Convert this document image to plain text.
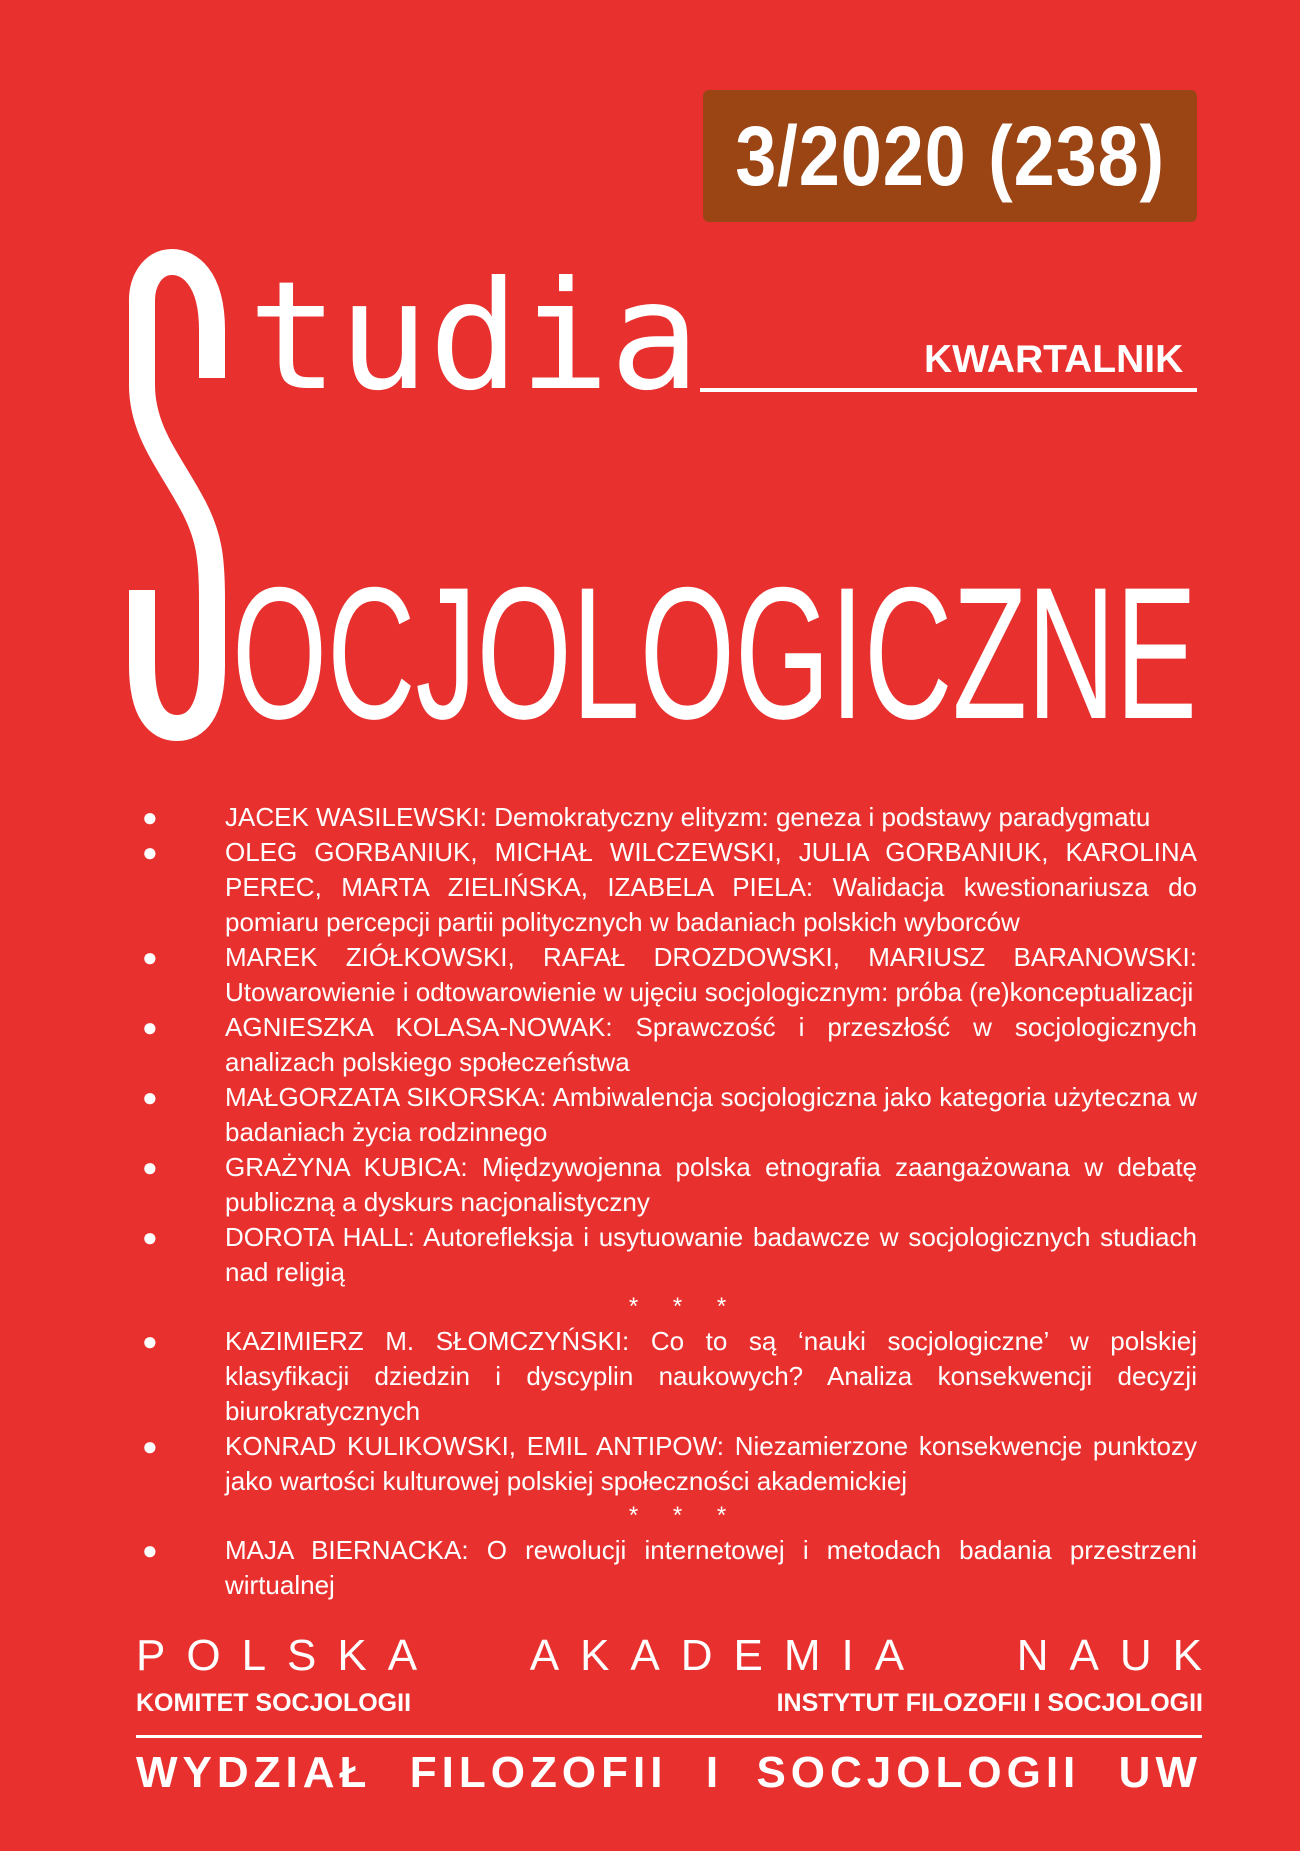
3/2020 (238)
S
tudia
OCJOLOGICZNE
KWARTALNIK
●	JACEK WASILEWSKI: Demokratyczny elityzm: geneza i podstawy paradygmatu
●	OLEG GORBANIUK, MICHAŁ WILCZEWSKI, JULIA GORBANIUK, KAROLINA PEREC, MARTA ZIELIŃSKA, IZABELA PIELA: Walidacja kwestionariusza do pomiaru percepcji partii politycznych w badaniach polskich wyborców
●	MAREK ZIÓŁKOWSKI, RAFAŁ DROZDOWSKI, MARIUSZ BARANOWSKI: Utowarowienie i odtowarowienie w ujęciu socjologicznym: próba (re)konceptualizacji
●	AGNIESZKA KOLASA-NOWAK: Sprawczość i przeszłość w socjologicznych analizach polskiego społeczeństwa
●	MAŁGORZATA SIKORSKA: Ambiwalencja socjologiczna jako kategoria użyteczna w badaniach życia rodzinnego
●	GRAŻYNA KUBICA: Międzywojenna polska etnografia zaangażowana w debatę publiczną a dyskurs nacjonalistyczny
●	DOROTA HALL: Autorefleksja i usytuowanie badawcze w socjologicznych studiach nad religią
* * *
●	KAZIMIERZ M. SŁOMCZYŃSKI: Co to są ‘nauki socjologiczne’ w polskiej klasyfikacji dziedzin i dyscyplin naukowych? Analiza konsekwencji decyzji biurokratycznych
●	KONRAD KULIKOWSKI, EMIL ANTIPOW: Niezamierzone konsekwencje punktozy jako wartości kulturowej polskiej społeczności akademickiej
* * *
●	MAJA BIERNACKA: O rewolucji internetowej i metodach badania przestrzeni wirtualnej
POLSKA AKADEMIA NAUK
KOMITET SOCJOLOGII	INSTYTUT FILOZOFII I SOCJOLOGII
WYDZIAŁ FILOZOFII I SOCJOLOGII UW
